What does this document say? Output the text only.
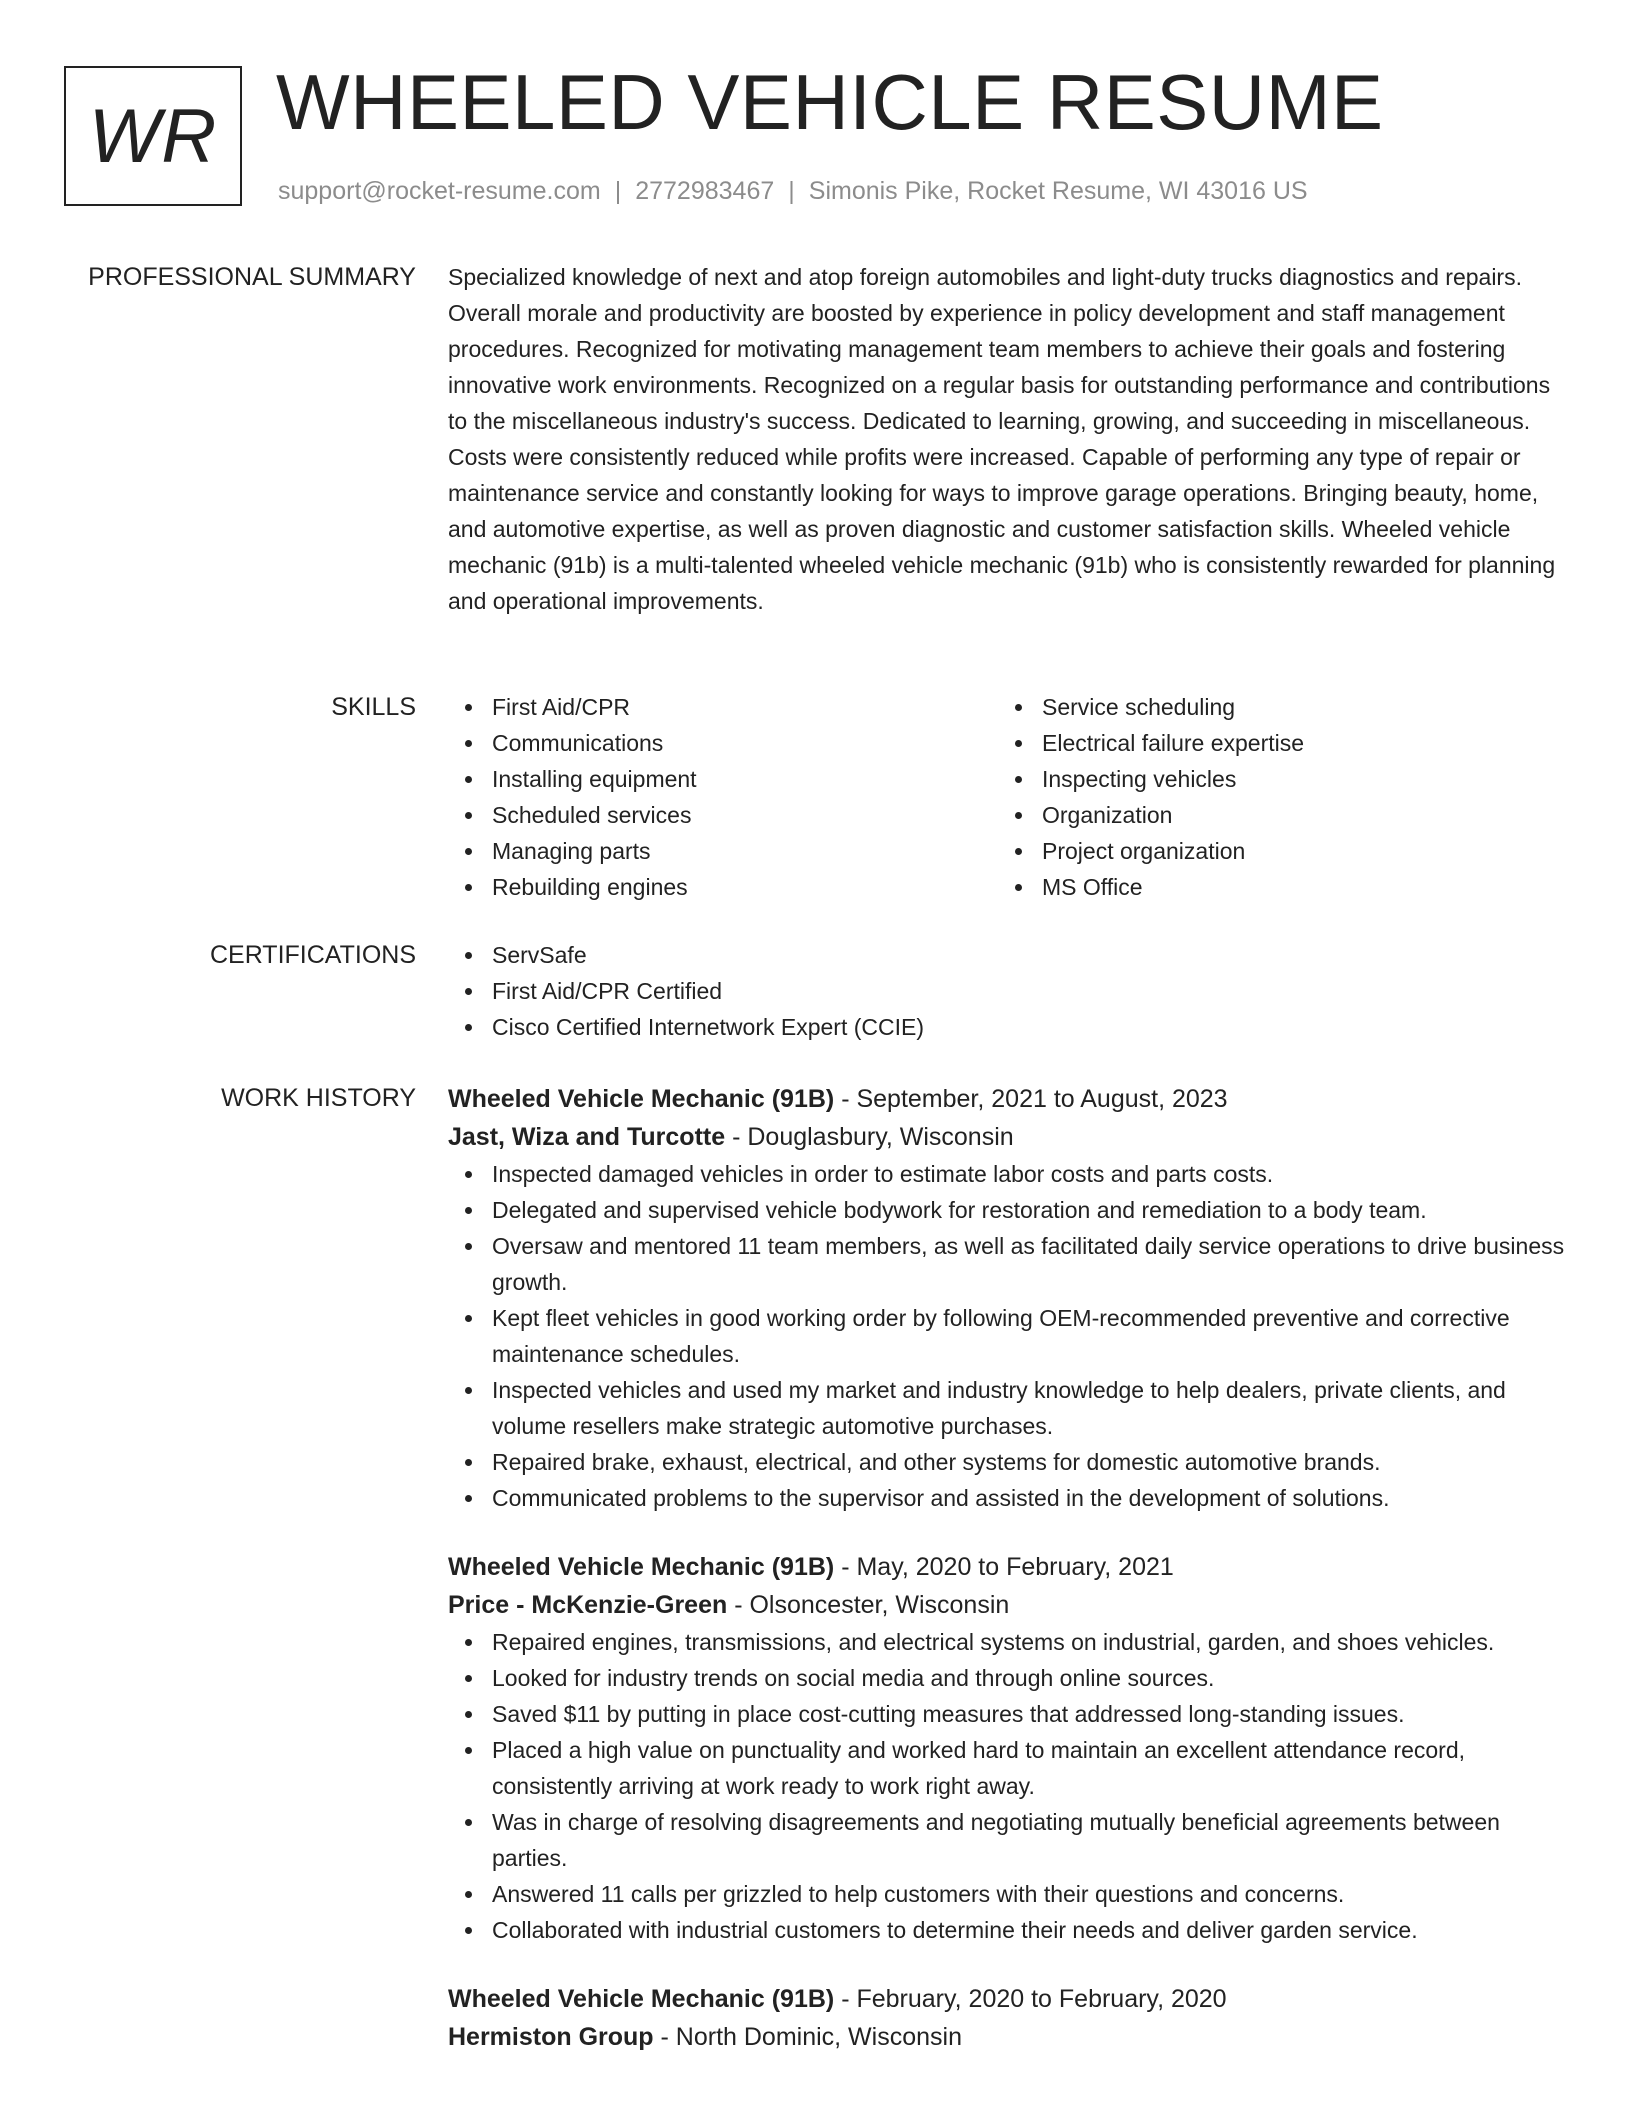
WR WHEELED VEHICLE RESUME
support@rocket-resume.com | 2772983467 | Simonis Pike, Rocket Resume, WI 43016 US
PROFESSIONAL SUMMARY Specialized knowledge of next and atop foreign automobiles and light-duty trucks diagnostics and repairs. Overall morale and productivity are boosted by experience in policy development and staff management procedures. Recognized for motivating management team members to achieve their goals and fostering innovative work environments. Recognized on a regular basis for outstanding performance and contributions to the miscellaneous industry's success. Dedicated to learning, growing, and succeeding in miscellaneous. Costs were consistently reduced while profits were increased. Capable of performing any type of repair or maintenance service and constantly looking for ways to improve garage operations. Bringing beauty, home, and automotive expertise, as well as proven diagnostic and customer satisfaction skills. Wheeled vehicle mechanic (91b) is a multi-talented wheeled vehicle mechanic (91b) who is consistently rewarded for planning and operational improvements.

SKILLS	First Aid/CPR
Communications
Installing equipment
Scheduled services
Managing parts
Rebuilding engines
Service scheduling
Electrical failure expertise
Inspecting vehicles
Organization
Project organization
MS Office
CERTIFICATIONS	ServSafe
First Aid/CPR Certified
Cisco Certified Internetwork Expert (CCIE)
WORK HISTORY Wheeled Vehicle Mechanic (91B) - September, 2021 to August, 2023
Jast, Wiza and Turcotte - Douglasbury, Wisconsin
Inspected damaged vehicles in order to estimate labor costs and parts costs.
Delegated and supervised vehicle bodywork for restoration and remediation to a body team.
Oversaw and mentored 11 team members, as well as facilitated daily service operations to drive business growth.
Kept fleet vehicles in good working order by following OEM-recommended preventive and corrective maintenance schedules.
Inspected vehicles and used my market and industry knowledge to help dealers, private clients, and volume resellers make strategic automotive purchases.
Repaired brake, exhaust, electrical, and other systems for domestic automotive brands.
Communicated problems to the supervisor and assisted in the development of solutions.
Wheeled Vehicle Mechanic (91B) - May, 2020 to February, 2021
Price - McKenzie-Green - Olsoncester, Wisconsin
Repaired engines, transmissions, and electrical systems on industrial, garden, and shoes vehicles.
Looked for industry trends on social media and through online sources.
Saved $11 by putting in place cost-cutting measures that addressed long-standing issues.
Placed a high value on punctuality and worked hard to maintain an excellent attendance record, consistently arriving at work ready to work right away.
Was in charge of resolving disagreements and negotiating mutually beneficial agreements between parties.
Answered 11 calls per grizzled to help customers with their questions and concerns.
Collaborated with industrial customers to determine their needs and deliver garden service.
Wheeled Vehicle Mechanic (91B) - February, 2020 to February, 2020
Hermiston Group - North Dominic, Wisconsin
